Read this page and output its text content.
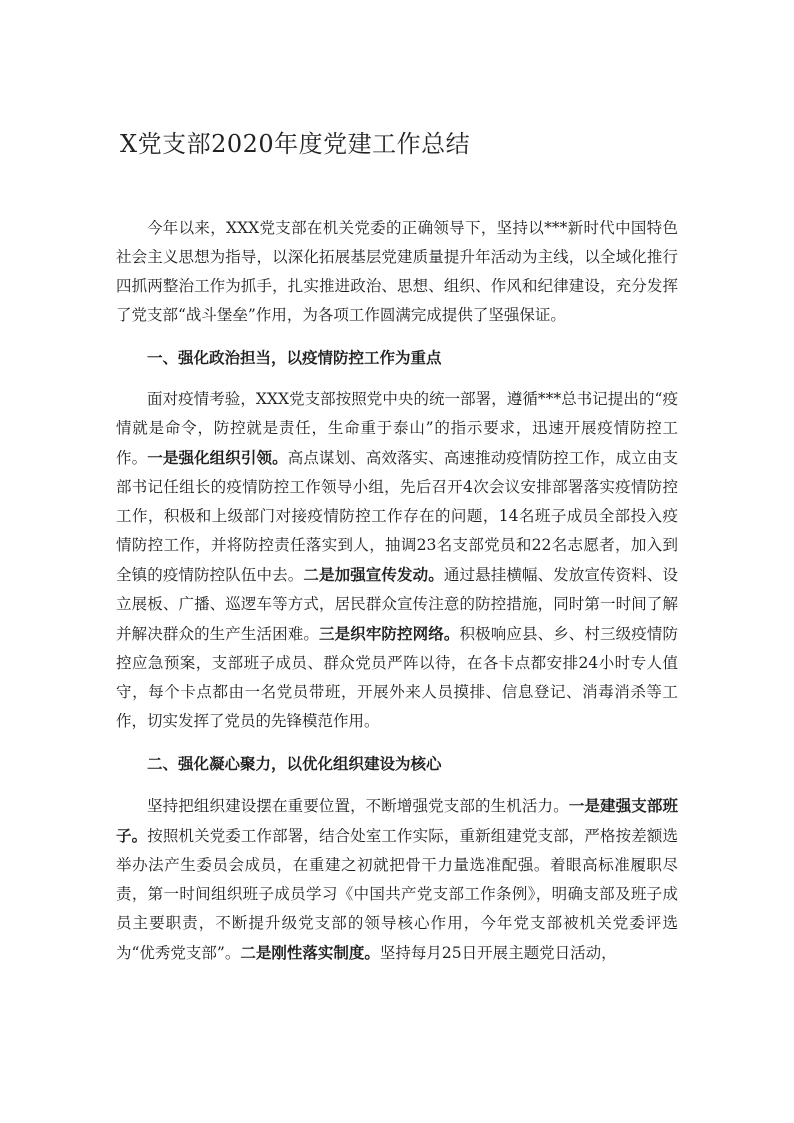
X党支部2020年度党建工作总结

今年以来，XXX党支部在机关党委的正确领导下，坚持以***新时代中国特色社会主义思想为指导，以深化拓展基层党建质量提升年活动为主线，以全域化推行四抓两整治工作为抓手，扎实推进政治、思想、组织、作风和纪律建设，充分发挥了党支部“战斗堡垒”作用，为各项工作圆满完成提供了坚强保证。

一、强化政治担当，以疫情防控工作为重点

面对疫情考验，XXX党支部按照党中央的统一部署，遵循***总书记提出的“疫情就是命令，防控就是责任，生命重于泰山”的指示要求，迅速开展疫情防控工作。一是强化组织引领。高点谋划、高效落实、高速推动疫情防控工作，成立由支部书记任组长的疫情防控工作领导小组，先后召开4次会议安排部署落实疫情防控工作，积极和上级部门对接疫情防控工作存在的问题，14名班子成员全部投入疫情防控工作，并将防控责任落实到人，抽调23名支部党员和22名志愿者，加入到全镇的疫情防控队伍中去。二是加强宣传发动。通过悬挂横幅、发放宣传资料、设立展板、广播、巡逻车等方式，居民群众宣传注意的防控措施，同时第一时间了解并解决群众的生产生活困难。三是织牢防控网络。积极响应县、乡、村三级疫情防控应急预案，支部班子成员、群众党员严阵以待，在各卡点都安排24小时专人值守，每个卡点都由一名党员带班，开展外来人员摸排、信息登记、消毒消杀等工作，切实发挥了党员的先锋模范作用。

二、强化凝心聚力，以优化组织建设为核心

坚持把组织建设摆在重要位置，不断增强党支部的生机活力。一是建强支部班子。按照机关党委工作部署，结合处室工作实际，重新组建党支部，严格按差额选举办法产生委员会成员，在重建之初就把骨干力量选准配强。着眼高标准履职尽责，第一时间组织班子成员学习《中国共产党支部工作条例》，明确支部及班子成员主要职责，不断提升级党支部的领导核心作用，今年党支部被机关党委评选为“优秀党支部”。二是刚性落实制度。坚持每月25日开展主题党日活动，
